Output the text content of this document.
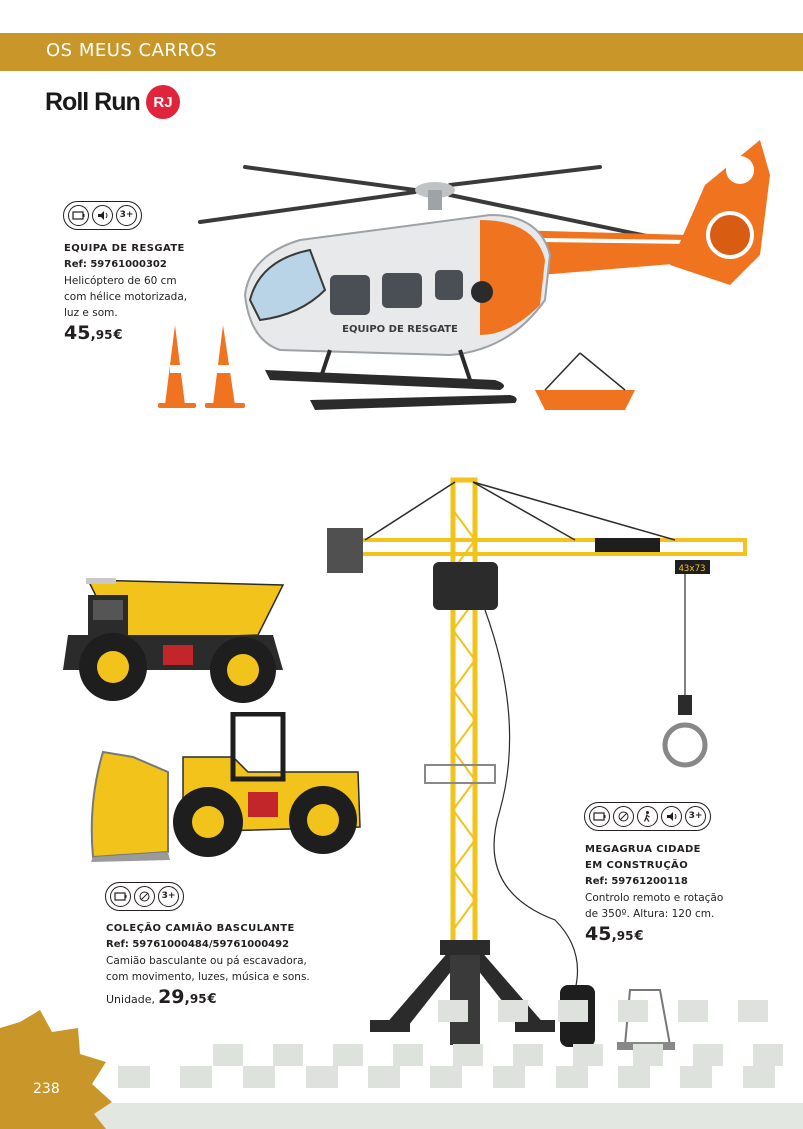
OS MEUS CARROS
Roll Run RJ
EQUIPO DE RESGATE
3+
EQUIPA DE RESGATE
Ref: 59761000302
Helicóptero de 60 cm
com hélice motorizada,
luz e som.
45 , 95 €
3+
COLEÇÃO CAMIÃO BASCULANTE
Ref: 59761000484/59761000492
Camião basculante ou pá escavadora,
com movimento, luzes, música e sons.
Unidade, 29 , 95 €
43x73
3+
MEGAGRUA CIDADE
EM CONSTRUÇÃO
Ref: 59761200118
Controlo remoto e rotação
de 350º. Altura: 120 cm.
45 , 95 €
238
